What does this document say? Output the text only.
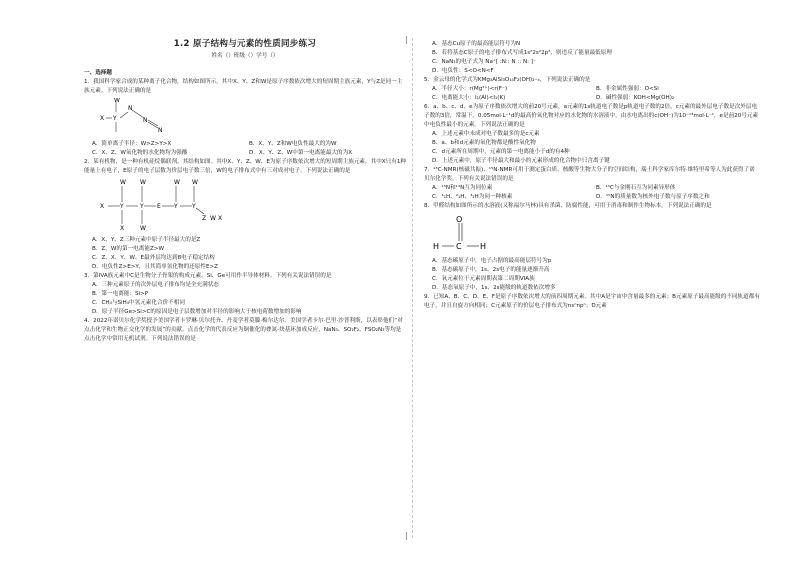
1.2 原子结构与元素的性质同步练习
姓名（）班级（）学号（）

一、选择题

1．我国科学家合成的某种离子化合物，结构如图所示。其中X、Y、Z和W是原子序数依次增大的短周期主族元素，Y与Z是同一主族元素。下列说法正确的是

W
Y
X
N
N
N
A．简单离子半径：W>Z>Y>X	B．X、Y、Z和W电负性最大的为W
C．X、Z、W氧化物的水化物均为强酸	D．X、Y、Z、W中第一电离能最大的为X

2．某有机物，是一种有机硅烷偶联剂，其结构如图。其中X、Y、Z、W、E为原子序数依次增大的短周期主族元素，其中X只有1种能量上有电子，E原子的电子层数为价层电子数三倍，W的电子排布式中有三对成对电子。下列说法正确的是

W W	W
X	Y	Y E Y Y
X
Z
W
W
W X

A．X、Y、Z三种元素中原子半径最大的是Z

B．Z、W的第一电离能Z>W

C．Z、X、Y、W、E最外层均达到8电子稳定结构

D．电负性Z>E>Y，且其简单氢化物的还原性E>Z

3．第IVA族元素中C是生物分子骨架的构成元素，Si、Ge可用作半导体材料。下列有关说法错误的是

A．三种元素原子的次外层电子排布均是全充满状态

B．第一电离能：Si>P

C．CH₄与SiH₄中氢元素化合价不相同

D．原子半径Ge>Si>C的原因是电子层数增加对半径的影响大于核电荷数增加的影响

4．2022年诺贝尔化学奖授予美国学者卡罗琳·贝尔托齐、丹麦学者莫滕·梅尔达尔、美国学者卡尔·巴里·沙普利斯，以表彰他们“对点击化学和生物正交化学的发展”的贡献。点击化学的代表反应为铜催化的叠氮-炔基环加成反应，NaN₃、SO₂F₂、FSO₂N₃等均是点击化学中常用无机试剂。下列说法错误的是

A．基态Cu原子的最高能层符号为N

B．若将基态C原子的电子排布式写成1s²2s²2p³，则违反了能量最低原理

C．NaN₃的电子式为 Na⁺[ :N:: N :: N: ]⁻

D．电负性：S<O<N<F

5．金云母的化学式为KMg₃AlSi₃O₁₀F₂(OH)₂₋ₓ，下列说法正确的是

A．半径大小：r(Mg²⁺)<r(F⁻)	B．非金属性强弱：O<Si
C．电离能大小：I₁(Al)<I₁(K)	D．碱性强弱：KOH<Mg(OH)₂

6．a、b、c、d、e为原子序数依次增大的前20号元素，a元素的1s轨道电子数是p轨道电子数的2倍，c元素的最外层电子数是次外层电子数的3倍，常温下，0.05mol·L⁻¹d的最高价氧化物对应的水化物的水溶液中，由水电离出的c(OH⁻)为10⁻¹³mol·L⁻¹，e是前20号元素中电负性最小的元素。下列说法正确的是

A．上述元素中未成对电子数最多的是c元素

B．a、b和d元素的氧化物都是酸性氧化物

C．d元素所在周期中，元素的第一电离能小于d的有4种

D．上述元素中，原子半径最大和最小的元素形成的化合物中只含离子键

7．¹³C-NMR(核磁共振)、¹⁵N-NMR可用于测定蛋白质、核酸等生物大分子的空间结构，瑞士科学家库尔特·维特里希等人为此获得了诺贝尔化学奖。下列有关说法错误的是

A．¹⁵N和¹⁴N互为同位素	B．¹³C与金刚石互为同素异形体
C．¹₁H、²₁H、³₁H为同一种核素	D．¹⁵N的质量数为核外电子数与原子序数之和

8．甲醛结构如图所示的水溶液(又称福尔马林)具有杀菌、防腐性能，可用于消毒和制作生物标本。下列说法正确的是

O
H C H

A．基态碳原子中，电子占据的最高能层符号为p

B．基态碳原子中，1s、2s电子的能量逐渐升高

C．氧元素位于元素周期表第二周期VIA族

D．基态氧原子中，1s、2s能级的轨道数依次增多

9．已知A、B、C、D、E、F是原子序数依次增大的前四周期元素。其中A是宇宙中含量最多的元素；B元素原子最高能级的不同轨道都有电子，并且自旋方向相同；C元素原子的价层电子排布式为nsⁿnpⁿ；D元素
